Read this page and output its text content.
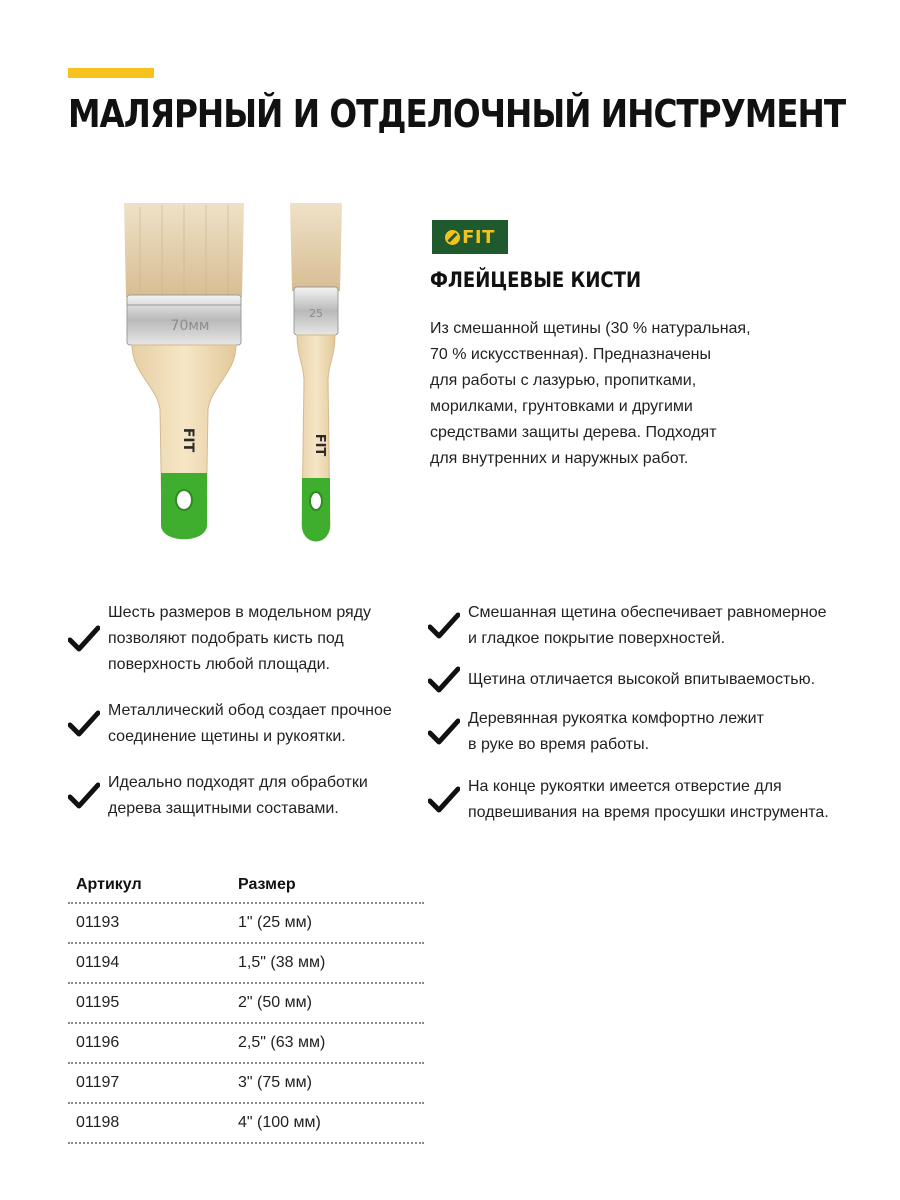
МАЛЯРНЫЙ И ОТДЕЛОЧНЫЙ ИНСТРУМЕНТ
70мм
FIT
25
FIT
FIT
ФЛЕЙЦЕВЫЕ КИСТИ
Из смешанной щетины (30 % натуральная,
70 % искусственная). Предназначены
для работы с лазурью, пропитками,
морилками, грунтовками и другими
средствами защиты дерева. Подходят
для внутренних и наружных работ.
Шесть размеров в модельном ряду
позволяют подобрать кисть под
поверхность любой площади.
Металлический обод создает прочное
соединение щетины и рукоятки.
Идеально подходят для обработки
дерева защитными составами.
Смешанная щетина обеспечивает равномерное
и гладкое покрытие поверхностей.
Щетина отличается высокой впитываемостью.
Деревянная рукоятка комфортно лежит
в руке во время работы.
На конце рукоятки имеется отверстие для
подвешивания на время просушки инструмента.
Артикул	Размер
01193	1" (25 мм)
01194	1,5" (38 мм)
01195	2" (50 мм)
01196	2,5" (63 мм)
01197	3" (75 мм)
01198	4" (100 мм)
